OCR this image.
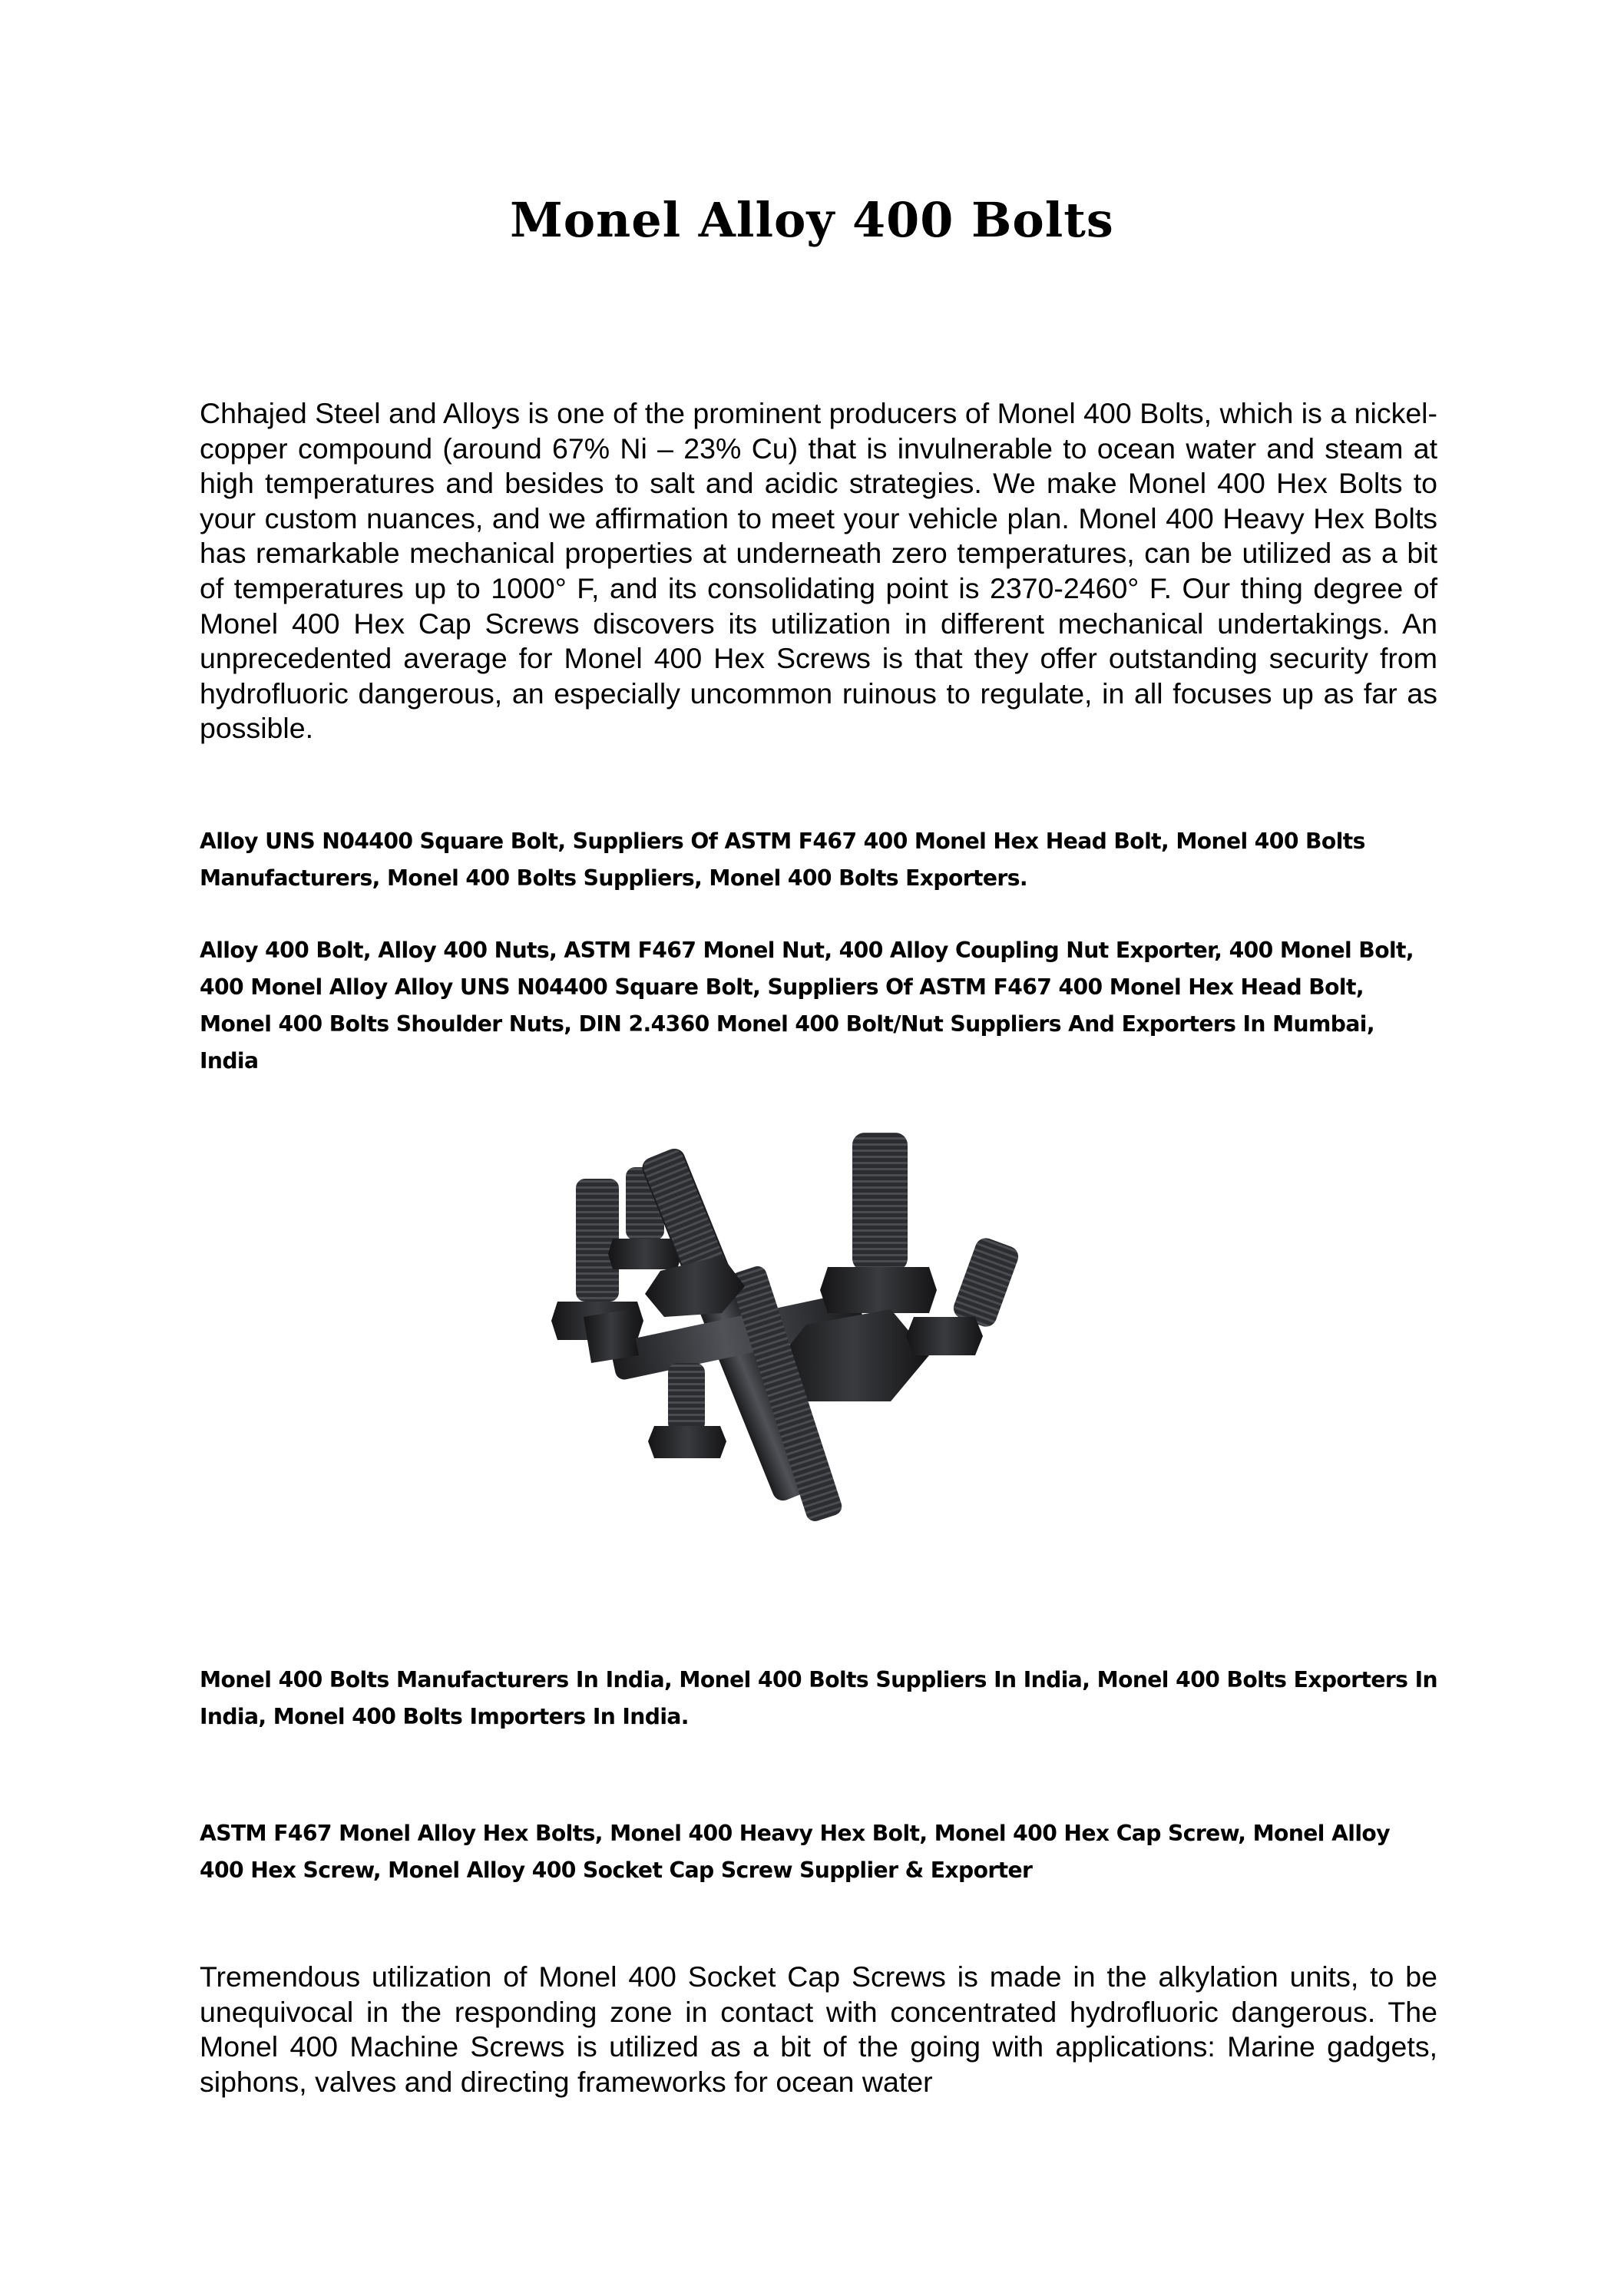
Monel Alloy 400 Bolts

Chhajed Steel and Alloys is one of the prominent producers of Monel 400 Bolts, which is a nickel-copper compound (around 67% Ni – 23% Cu) that is invulnerable to ocean water and steam at high temperatures and besides to salt and acidic strategies. We make Monel 400 Hex Bolts to your custom nuances, and we affirmation to meet your vehicle plan. Monel 400 Heavy Hex Bolts has remarkable mechanical properties at underneath zero temperatures, can be utilized as a bit of temperatures up to 1000° F, and its consolidating point is 2370-2460° F. Our thing degree of Monel 400 Hex Cap Screws discovers its utilization in different mechanical undertakings. An unprecedented average for Monel 400 Hex Screws is that they offer outstanding security from hydrofluoric dangerous, an especially uncommon ruinous to regulate, in all focuses up as far as possible.

Alloy UNS N04400 Square Bolt, Suppliers Of ASTM F467 400 Monel Hex Head Bolt, Monel 400 Bolts Manufacturers, Monel 400 Bolts Suppliers, Monel 400 Bolts Exporters.

Alloy 400 Bolt, Alloy 400 Nuts, ASTM F467 Monel Nut, 400 Alloy Coupling Nut Exporter, 400 Monel Bolt, 400 Monel Alloy Alloy UNS N04400 Square Bolt, Suppliers Of ASTM F467 400 Monel Hex Head Bolt, Monel 400 Bolts Shoulder Nuts, DIN 2.4360 Monel 400 Bolt/Nut Suppliers And Exporters In Mumbai, India

Monel 400 Bolts Manufacturers In India, Monel 400 Bolts Suppliers In India, Monel 400 Bolts Exporters In India, Monel 400 Bolts Importers In India.

ASTM F467 Monel Alloy Hex Bolts, Monel 400 Heavy Hex Bolt, Monel 400 Hex Cap Screw, Monel Alloy 400 Hex Screw, Monel Alloy 400 Socket Cap Screw Supplier & Exporter

Tremendous utilization of Monel 400 Socket Cap Screws is made in the alkylation units, to be unequivocal in the responding zone in contact with concentrated hydrofluoric dangerous. The Monel 400 Machine Screws is utilized as a bit of the going with applications: Marine gadgets, siphons, valves and directing frameworks for ocean water
